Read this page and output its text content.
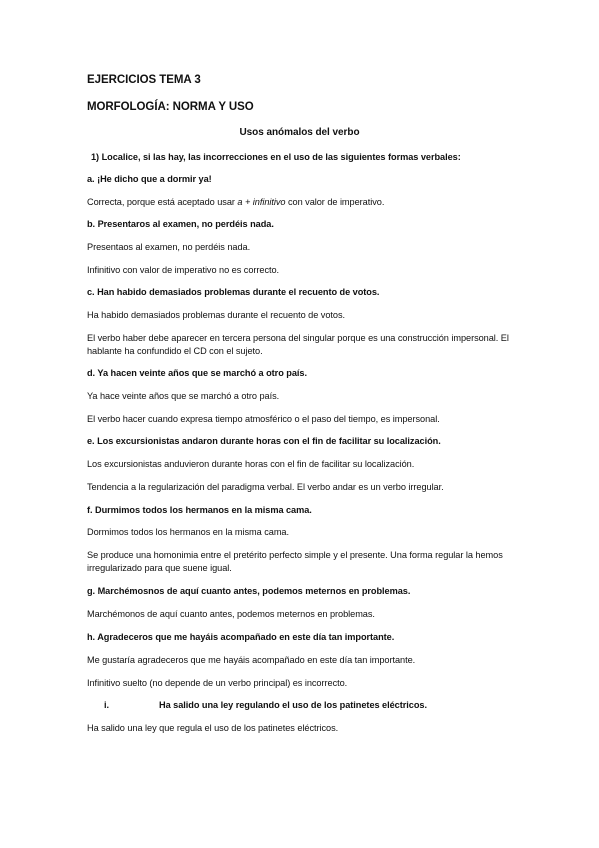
EJERCICIOS TEMA 3
MORFOLOGÍA: NORMA Y USO
Usos anómalos del verbo
1) Localice, si las hay, las incorrecciones en el uso de las siguientes formas verbales:
a. ¡He dicho que a dormir ya!
Correcta, porque está aceptado usar a + infinitivo con valor de imperativo.
b. Presentaros al examen, no perdéis nada.
Presentaos al examen, no perdéis nada.
Infinitivo con valor de imperativo no es correcto.
c. Han habido demasiados problemas durante el recuento de votos.
Ha habido demasiados problemas durante el recuento de votos.
El verbo haber debe aparecer en tercera persona del singular porque es una construcción impersonal. El hablante ha confundido el CD con el sujeto.
d. Ya hacen veinte años que se marchó a otro país.
Ya hace veinte años que se marchó a otro país.
El verbo hacer cuando expresa tiempo atmosférico o el paso del tiempo, es impersonal.
e. Los excursionistas andaron durante horas con el fin de facilitar su localización.
Los excursionistas anduvieron durante horas con el fin de facilitar su localización.
Tendencia a la regularización del paradigma verbal. El verbo andar es un verbo irregular.
f. Durmimos todos los hermanos en la misma cama.
Dormimos todos los hermanos en la misma cama.
Se produce una homonimia entre el pretérito perfecto simple y el presente. Una forma regular la hemos irregularizado para que suene igual.
g. Marchémosnos de aquí cuanto antes, podemos meternos en problemas.
Marchémonos de aquí cuanto antes, podemos meternos en problemas.
h. Agradeceros que me hayáis acompañado en este día tan importante.
Me gustaría agradeceros que me hayáis acompañado en este día tan importante.
Infinitivo suelto (no depende de un verbo principal) es incorrecto.
i.	Ha salido una ley regulando el uso de los patinetes eléctricos.
Ha salido una ley que regula el uso de los patinetes eléctricos.
